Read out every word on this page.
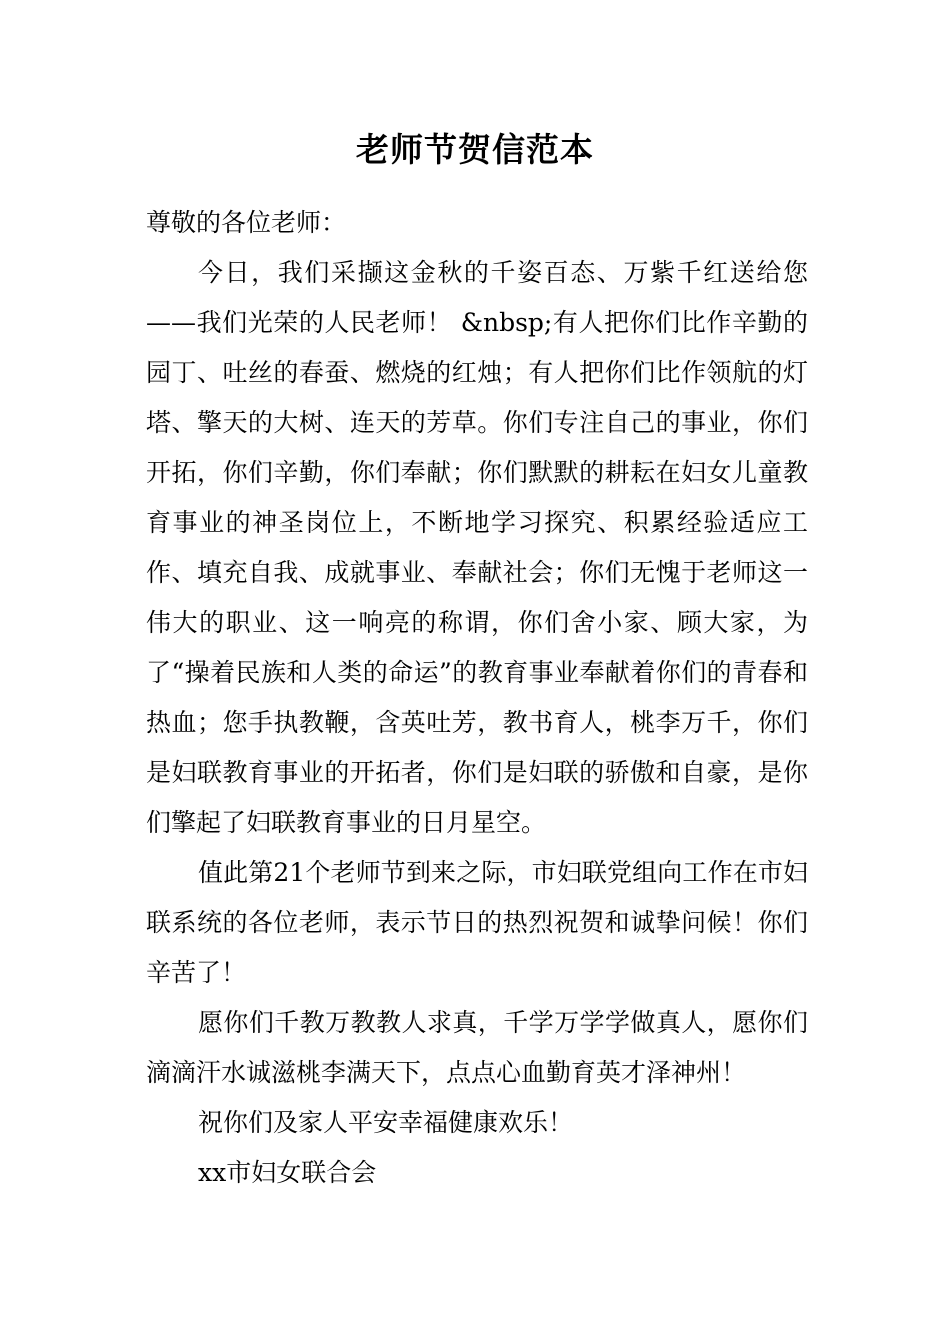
老师节贺信范本

尊敬的各位老师：

今日，我们采撷这金秋的千姿百态、万紫千红送给您——我们光荣的人民老师！ &nbsp;有人把你们比作辛勤的园丁、吐丝的春蚕、燃烧的红烛；有人把你们比作领航的灯塔、擎天的大树、连天的芳草。你们专注自己的事业，你们开拓，你们辛勤，你们奉献；你们默默的耕耘在妇女儿童教育事业的神圣岗位上，不断地学习探究、积累经验适应工作、填充自我、成就事业、奉献社会；你们无愧于老师这一伟大的职业、这一响亮的称谓，你们舍小家、顾大家，为了“操着民族和人类的命运”的教育事业奉献着你们的青春和热血；您手执教鞭，含英吐芳，教书育人，桃李万千，你们是妇联教育事业的开拓者，你们是妇联的骄傲和自豪，是你们擎起了妇联教育事业的日月星空。

值此第21个老师节到来之际，市妇联党组向工作在市妇联系统的各位老师，表示节日的热烈祝贺和诚挚问候！你们辛苦了！

愿你们千教万教教人求真，千学万学学做真人，愿你们滴滴汗水诚滋桃李满天下，点点心血勤育英才泽神州！

祝你们及家人平安幸福健康欢乐！

xx市妇女联合会
